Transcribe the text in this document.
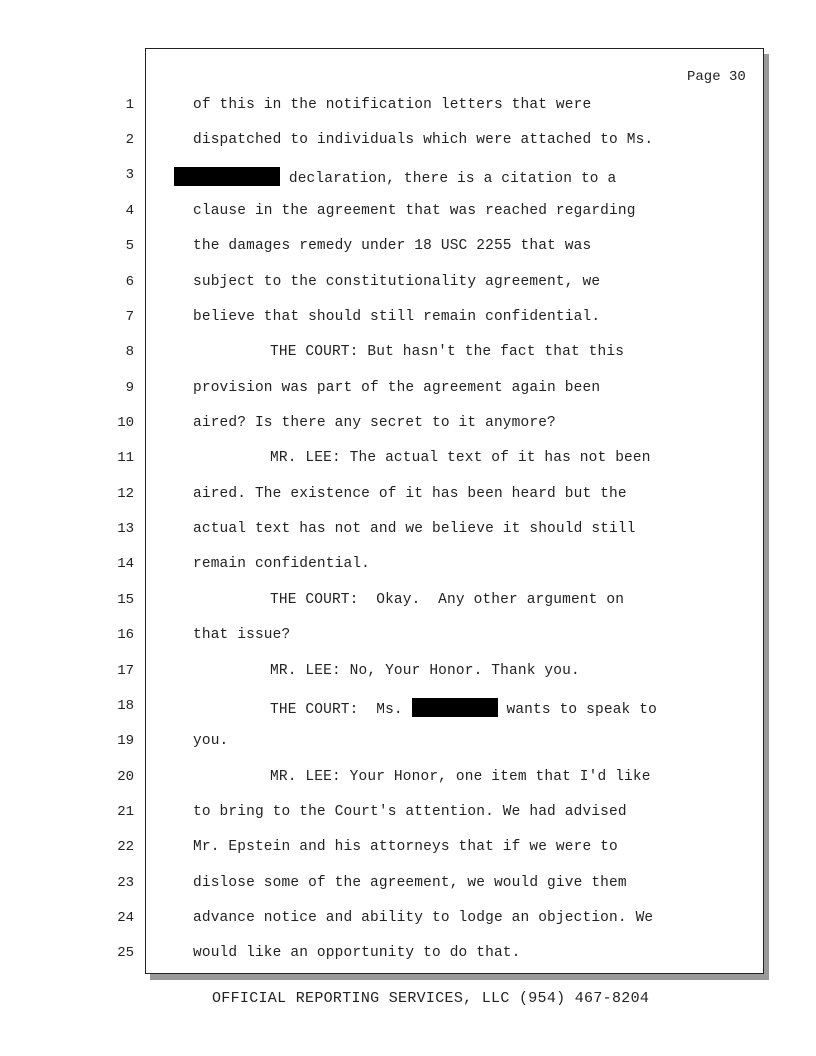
Page 30
1
2
3
4
5
6
7
8
9
10
11
12
13
14
15
16
17
18
19
20
21
22
23
24
25
of this in the notification letters that were
dispatched to individuals which were attached to Ms.
declaration, there is a citation to a
clause in the agreement that was reached regarding
the damages remedy under 18 USC 2255 that was
subject to the constitutionality agreement, we
believe that should still remain confidential.
THE COURT: But hasn't the fact that this
provision was part of the agreement again been
aired? Is there any secret to it anymore?
MR. LEE: The actual text of it has not been
aired. The existence of it has been heard but the
actual text has not and we believe it should still
remain confidential.
THE COURT:  Okay.  Any other argument on
that issue?
MR. LEE: No, Your Honor. Thank you.
THE COURT:  Ms.	wants to speak to
you.
MR. LEE: Your Honor, one item that I'd like
to bring to the Court's attention. We had advised
Mr. Epstein and his attorneys that if we were to
dislose some of the agreement, we would give them
advance notice and ability to lodge an objection. We
would like an opportunity to do that.
OFFICIAL REPORTING SERVICES, LLC (954) 467-8204
